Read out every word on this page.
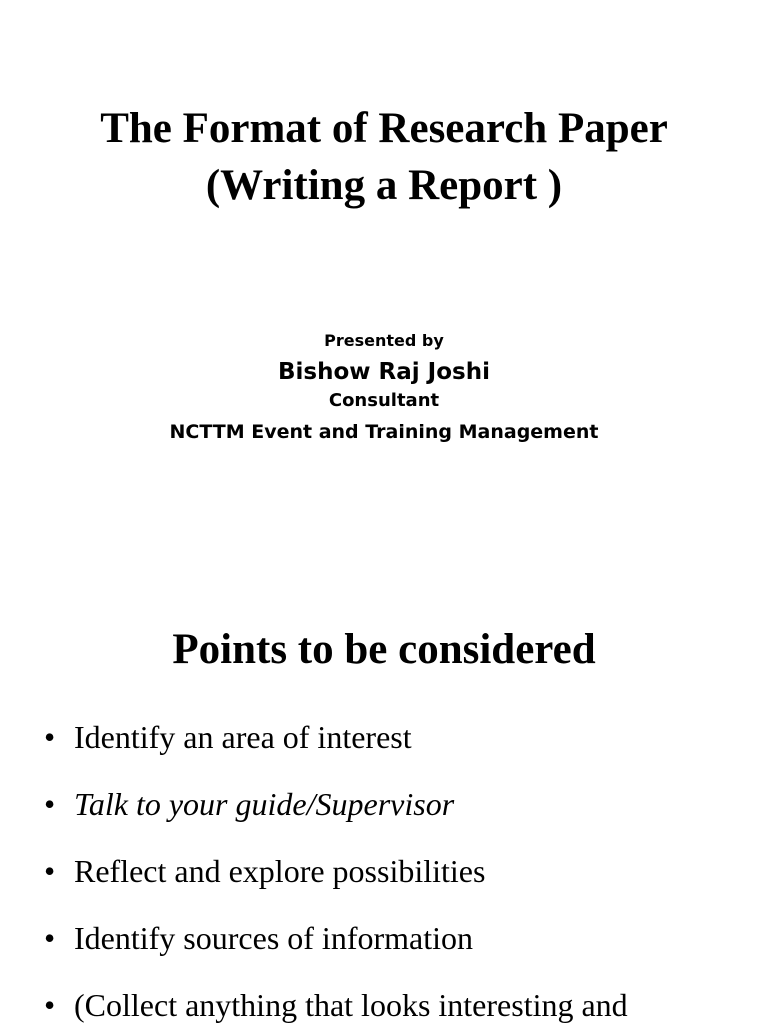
The Format of Research Paper
(Writing a Report )
Presented by
Bishow Raj Joshi
Consultant
NCTTM Event and Training Management
Points to be considered
• Identify an area of interest
• Talk to your guide/Supervisor
• Reflect and explore possibilities
• Identify sources of information
• (Collect anything that looks interesting and
